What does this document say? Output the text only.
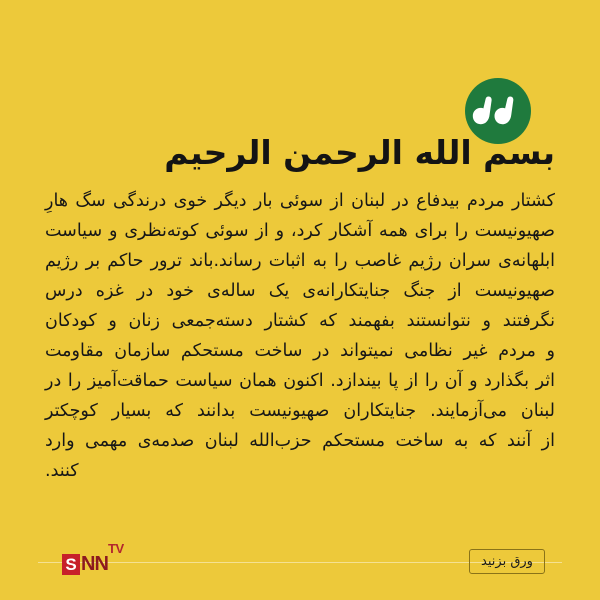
بسم الله الرحمن الرحیم

کشتار مردم بیدفاع در لبنان از سوئی بار دیگر خوی درندگی سگ هارِ

صهیونیست را برای همه آشکار کرد، و از سوئی کوته‌نظری و سیاست

ابلهانه‌ی سران رژیم غاصب را به اثبات رساند.باند ترور حاکم بر رژیم

صهیونیست از جنگ جنایتکارانه‌ی یک ساله‌ی خود در غزه درس

نگرفتند و نتوانستند بفهمند که کشتار دسته‌جمعی زنان و کودکان

و مردم غیر نظامی نمیتواند در ساخت مستحکم سازمان مقاومت

اثر بگذارد و آن را از پا بیندازد. اکنون همان سیاست حماقت‌آمیز را در

لبنان می‌آزمایند. جنایتکاران صهیونیست بدانند که بسیار کوچکتر

از آنند که به ساخت مستحکم حزب‌الله لبنان صدمه‌ی مهمی وارد

کنند.

TV
S NN	ورق بزنید
